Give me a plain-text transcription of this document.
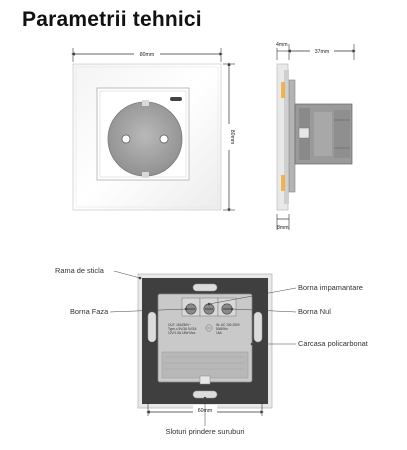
Parametrii tehnici
80mm
80mm
4mm
37mm
8mm
OUT: 16A250V~
Type-c 5V/3A 9V/2A
12V/1.5A 18W Max
IN: AC 100-250V
50/60Hz
16A
60mm
Rama de sticla
Borna Faza
Borna impamantare
Borna Nul
Carcasa policarbonat
Sloturi prindere suruburi
